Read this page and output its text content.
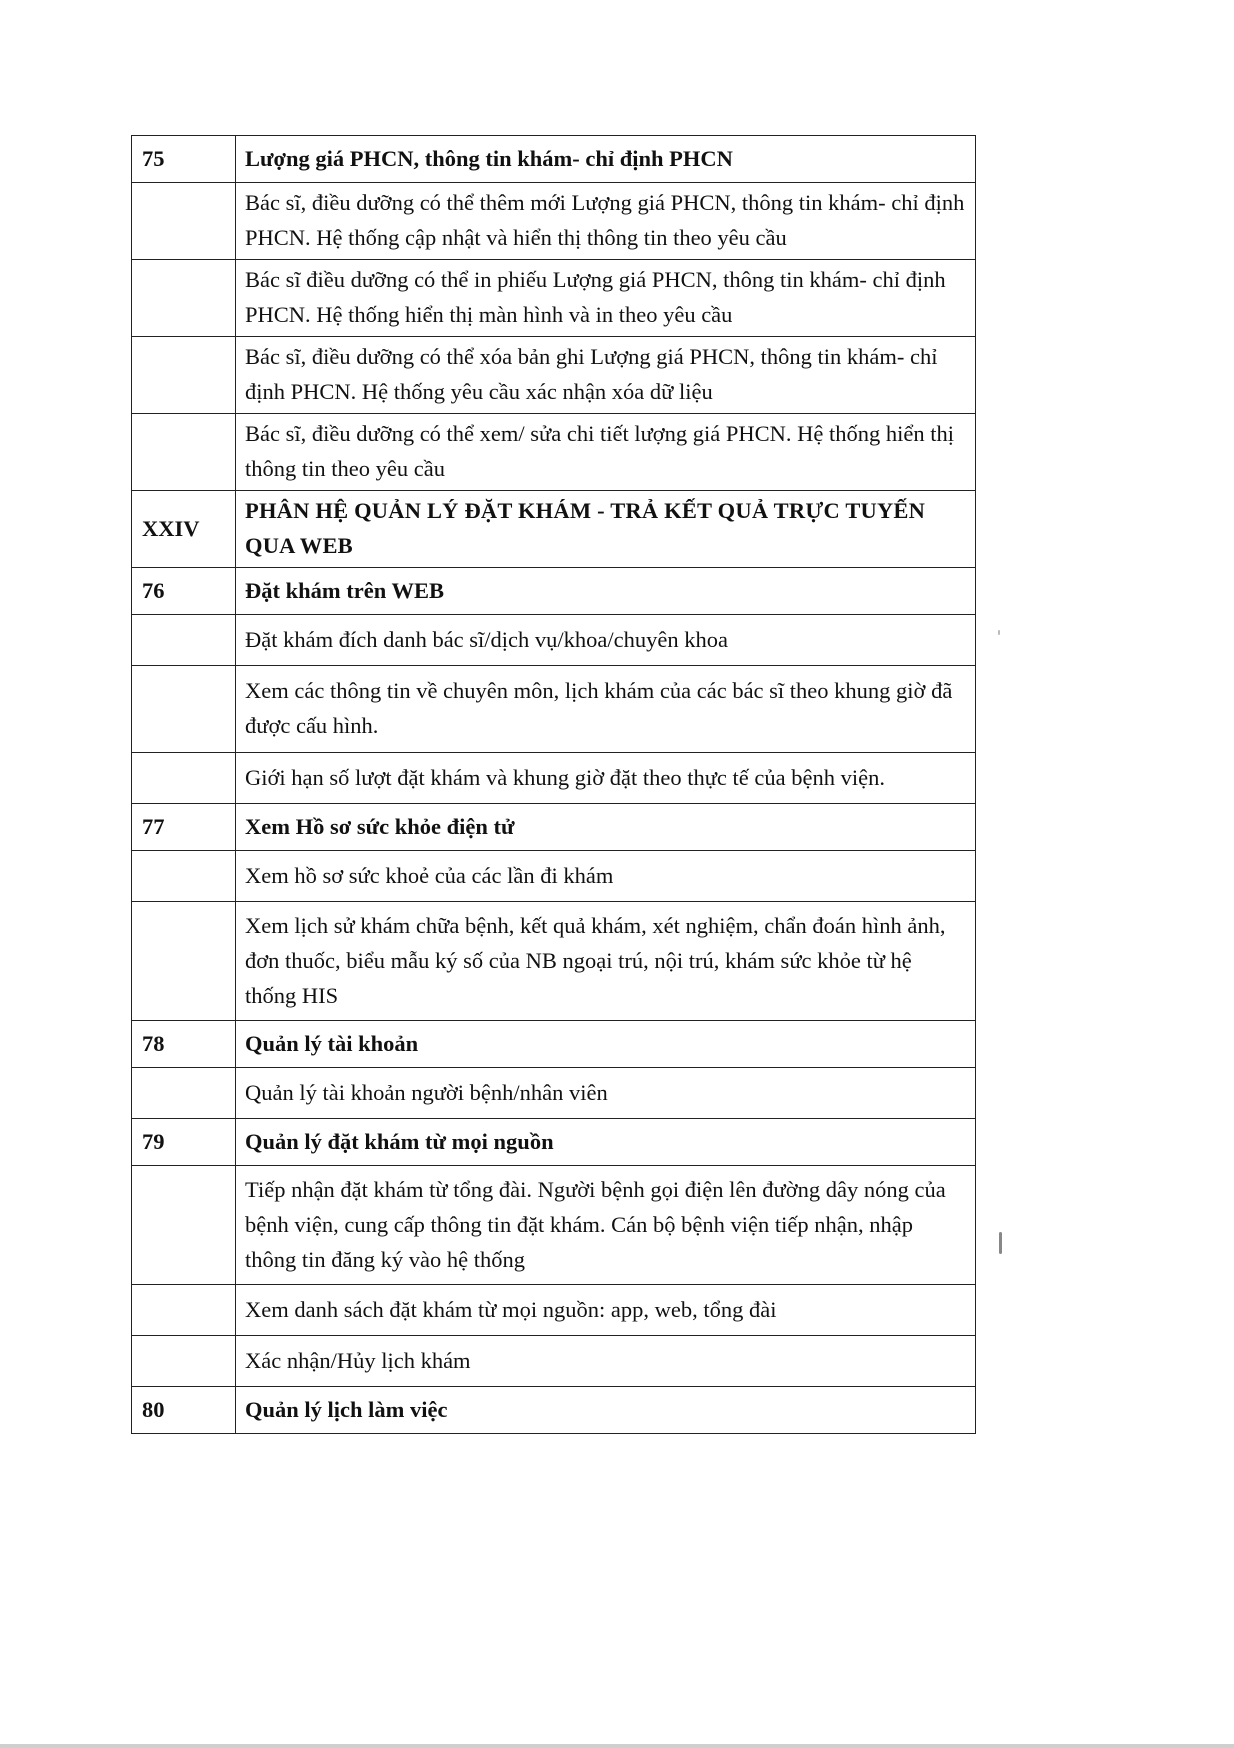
75	Lượng giá PHCN, thông tin khám- chỉ định PHCN
	Bác sĩ, điều dưỡng có thể thêm mới Lượng giá PHCN, thông tin khám- chỉ định PHCN. Hệ thống cập nhật và hiển thị thông tin theo yêu cầu
	Bác sĩ điều dưỡng có thể in phiếu Lượng giá PHCN, thông tin khám- chỉ định PHCN. Hệ thống hiển thị màn hình và in theo yêu cầu
	Bác sĩ, điều dưỡng có thể xóa bản ghi Lượng giá PHCN, thông tin khám- chỉ định PHCN. Hệ thống yêu cầu xác nhận xóa dữ liệu
	Bác sĩ, điều dưỡng có thể xem/ sửa chi tiết lượng giá PHCN. Hệ thống hiển thị thông tin theo yêu cầu
XXIV	PHÂN HỆ QUẢN LÝ ĐẶT KHÁM - TRẢ KẾT QUẢ TRỰC TUYẾN QUA WEB
76	Đặt khám trên WEB
	Đặt khám đích danh bác sĩ/dịch vụ/khoa/chuyên khoa
	Xem các thông tin về chuyên môn, lịch khám của các bác sĩ theo khung giờ đã được cấu hình.
	Giới hạn số lượt đặt khám và khung giờ đặt theo thực tế của bệnh viện.
77	Xem Hồ sơ sức khỏe điện tử
	Xem hồ sơ sức khoẻ của các lần đi khám
	Xem lịch sử khám chữa bệnh, kết quả khám, xét nghiệm, chẩn đoán hình ảnh, đơn thuốc, biểu mẫu ký số của NB ngoại trú, nội trú, khám sức khỏe từ hệ thống HIS
78	Quản lý tài khoản
	Quản lý tài khoản người bệnh/nhân viên
79	Quản lý đặt khám từ mọi nguồn
	Tiếp nhận đặt khám từ tổng đài. Người bệnh gọi điện lên đường dây nóng của bệnh viện, cung cấp thông tin đặt khám. Cán bộ bệnh viện tiếp nhận, nhập thông tin đăng ký vào hệ thống
	Xem danh sách đặt khám từ mọi nguồn: app, web, tổng đài
	Xác nhận/Hủy lịch khám
80	Quản lý lịch làm việc
